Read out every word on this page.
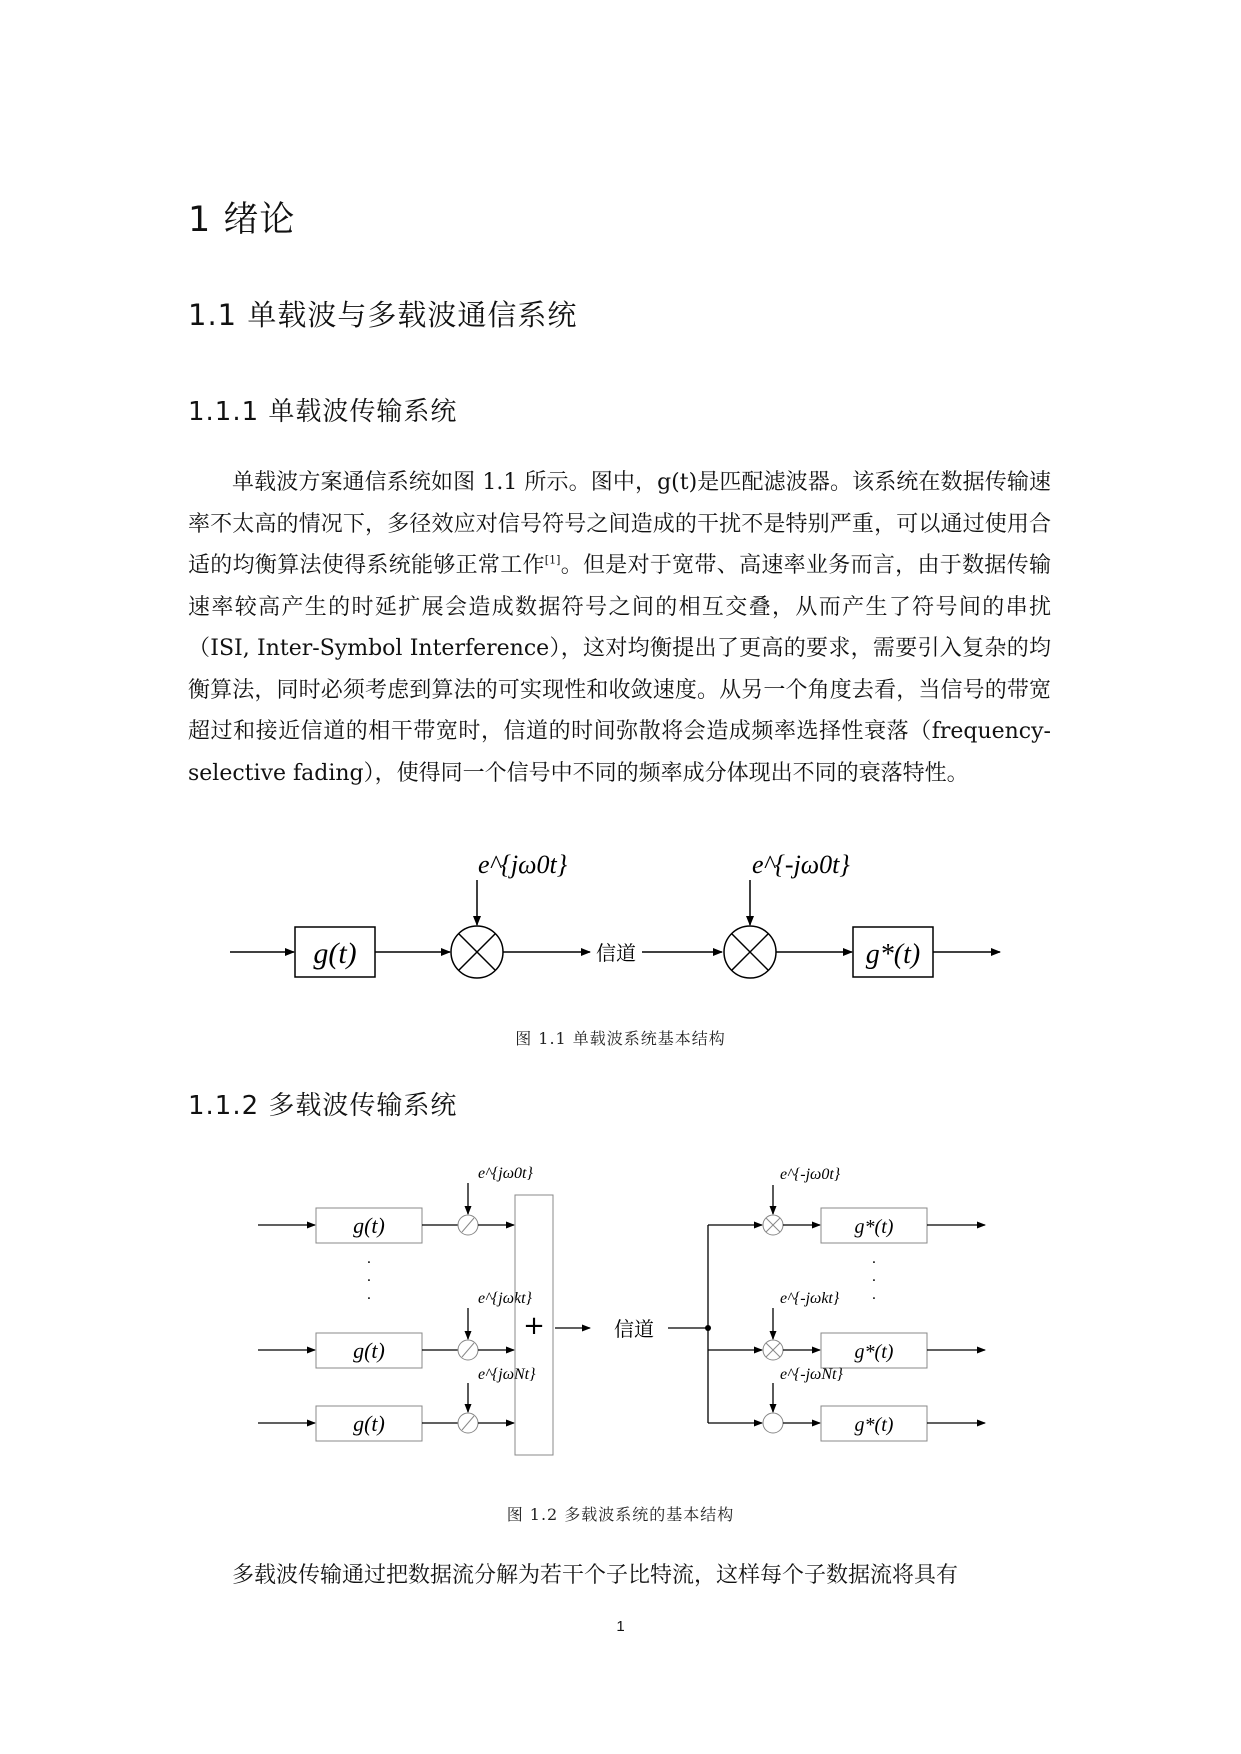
1 绪论
1.1 单载波与多载波通信系统
1.1.1 单载波传输系统

单载波方案通信系统如图 1.1 所示。图中，g(t)是匹配滤波器。该系统在数据传输速率不太高的情况下，多径效应对信号符号之间造成的干扰不是特别严重，可以通过使用合适的均衡算法使得系统能够正常工作[1]。但是对于宽带、高速率业务而言，由于数据传输速率较高产生的时延扩展会造成数据符号之间的相互交叠，从而产生了符号间的串扰（ISI, Inter-Symbol Interference），这对均衡提出了更高的要求，需要引入复杂的均衡算法，同时必须考虑到算法的可实现性和收敛速度。从另一个角度去看，当信号的带宽超过和接近信道的相干带宽时，信道的时间弥散将会造成频率选择性衰落（frequency-selective fading），使得同一个信号中不同的频率成分体现出不同的衰落特性。

g(t)
e^{jω0t}
信道
e^{-jω0t}
g*(t)
图 1.1 单载波系统基本结构
1.1.2 多载波传输系统
g(t)
e^{jω0t}
g(t)
e^{jωkt}
g(t)
e^{jωNt}
·
·
·
+	信道
e^{-jω0t}
g*(t)
e^{-jωkt}
g*(t)
e^{-jωNt}
g*(t)
·
·
·
图 1.2 多载波系统的基本结构

多载波传输通过把数据流分解为若干个子比特流，这样每个子数据流将具有

1
